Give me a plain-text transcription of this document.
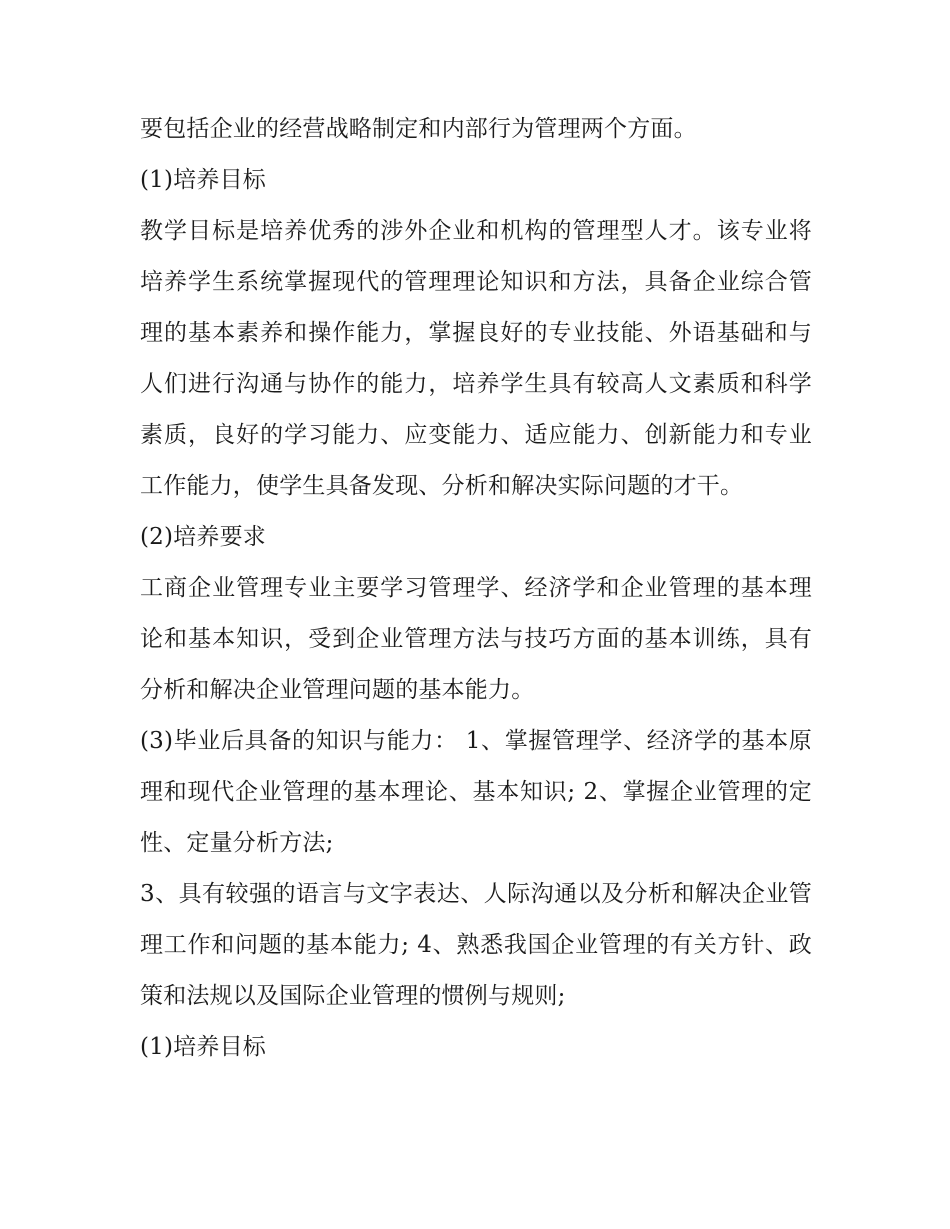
要包括企业的经营战略制定和内部行为管理两个方面。

(1)培养目标

教学目标是培养优秀的涉外企业和机构的管理型人才。该专业将培养学生系统掌握现代的管理理论知识和方法，具备企业综合管理的基本素养和操作能力，掌握良好的专业技能、外语基础和与人们进行沟通与协作的能力，培养学生具有较高人文素质和科学素质，良好的学习能力、应变能力、适应能力、创新能力和专业工作能力，使学生具备发现、分析和解决实际问题的才干。

(2)培养要求

工商企业管理专业主要学习管理学、经济学和企业管理的基本理论和基本知识，受到企业管理方法与技巧方面的基本训练，具有分析和解决企业管理问题的基本能力。

(3)毕业后具备的知识与能力： 1、掌握管理学、经济学的基本原理和现代企业管理的基本理论、基本知识; 2、掌握企业管理的定性、定量分析方法;

3、具有较强的语言与文字表达、人际沟通以及分析和解决企业管理工作和问题的基本能力; 4、熟悉我国企业管理的有关方针、政策和法规以及国际企业管理的惯例与规则;

(1)培养目标
